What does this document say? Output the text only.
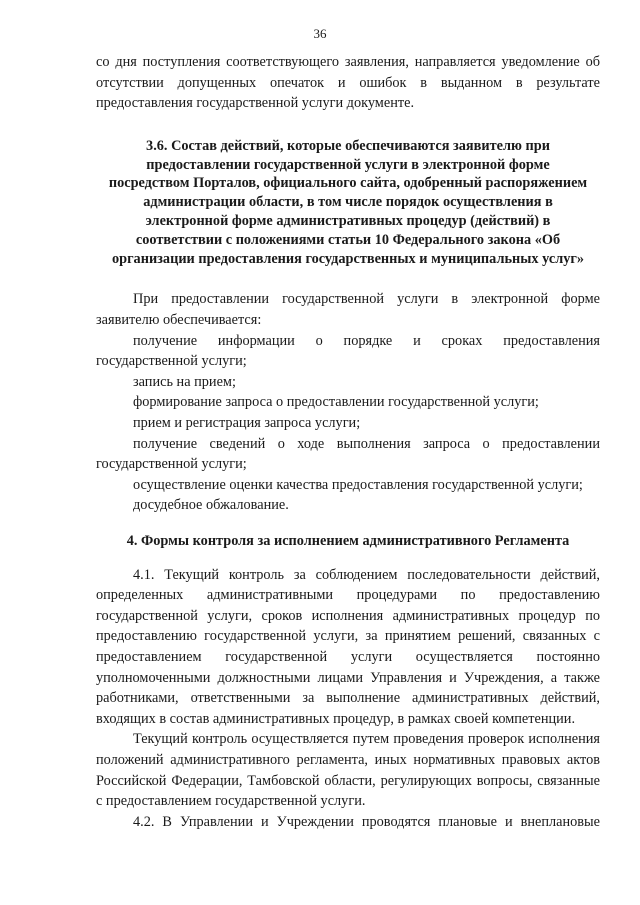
36

со дня поступления соответствующего заявления, направляется уведомление об отсутствии допущенных опечаток и ошибок в выданном в результате предоставления государственной услуги документе.

3.6. Состав действий, которые обеспечиваются заявителю при предоставлении государственной услуги в электронной форме посредством Порталов, официального сайта, одобренный распоряжением администрации области, в том числе порядок осуществления в электронной форме административных процедур (действий) в соответствии с положениями статьи 10 Федерального закона «Об организации предоставления государственных и муниципальных услуг»

При предоставлении государственной услуги в электронной форме заявителю обеспечивается:

получение информации о порядке и сроках предоставления государственной услуги;

запись на прием;

формирование запроса о предоставлении государственной услуги;

прием и регистрация запроса услуги;

получение сведений о ходе выполнения запроса о предоставлении государственной услуги;

осуществление оценки качества предоставления государственной услуги;

досудебное обжалование.

4. Формы контроля за исполнением административного Регламента

4.1. Текущий контроль за соблюдением последовательности действий, определенных административными процедурами по предоставлению государственной услуги, сроков исполнения административных процедур по предоставлению государственной услуги, за принятием решений, связанных с предоставлением государственной услуги осуществляется постоянно уполномоченными должностными лицами Управления и Учреждения, а также работниками, ответственными за выполнение административных действий, входящих в состав административных процедур, в рамках своей компетенции.

Текущий контроль осуществляется путем проведения проверок исполнения положений административного регламента, иных нормативных правовых актов Российской Федерации, Тамбовской области, регулирующих вопросы, связанные с предоставлением государственной услуги.

4.2. В Управлении и Учреждении проводятся плановые и внеплановые
